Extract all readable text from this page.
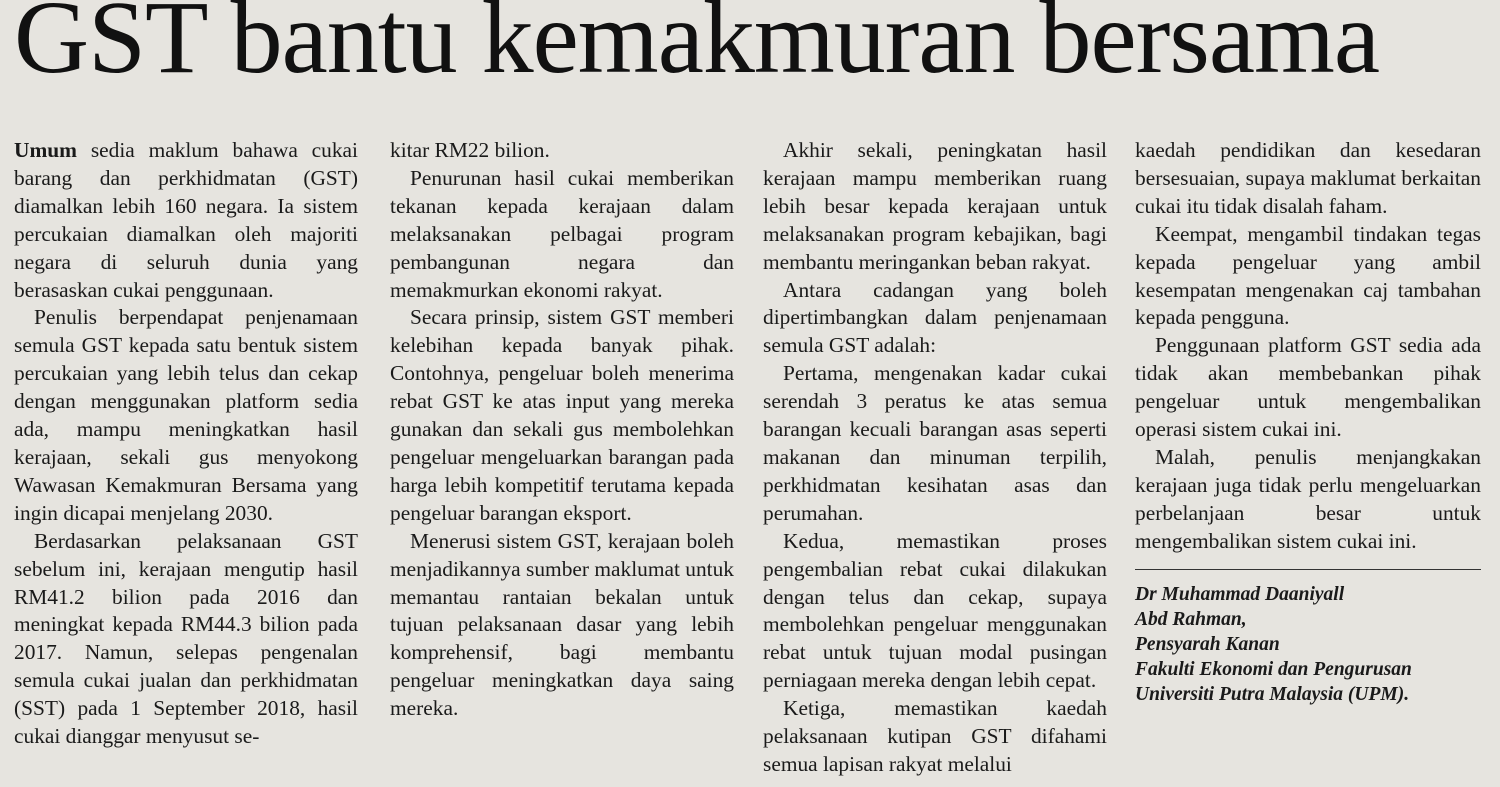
GST bantu kemakmuran bersama

Umum sedia maklum bahawa cukai barang dan perkhidmatan (GST) diamalkan lebih 160 negara. Ia sistem percukaian diamalkan oleh majoriti negara di seluruh dunia yang berasaskan cukai penggunaan.

Penulis berpendapat penjenamaan semula GST kepada satu bentuk sistem percukaian yang lebih telus dan cekap dengan menggunakan platform sedia ada, mampu meningkatkan hasil kerajaan, sekali gus menyokong Wawasan Kemakmuran Bersama yang ingin dicapai menjelang 2030.

Berdasarkan pelaksanaan GST sebelum ini, kerajaan mengutip hasil RM41.2 bilion pada 2016 dan meningkat kepada RM44.3 bilion pada 2017. Namun, selepas pengenalan semula cukai jualan dan perkhidmatan (SST) pada 1 September 2018, hasil cukai dianggar menyusut se-

kitar RM22 bilion.

Penurunan hasil cukai memberikan tekanan kepada kerajaan dalam melaksanakan pelbagai program pembangunan negara dan memakmurkan ekonomi rakyat.

Secara prinsip, sistem GST memberi kelebihan kepada banyak pihak. Contohnya, pengeluar boleh menerima rebat GST ke atas input yang mereka gunakan dan sekali gus membolehkan pengeluar mengeluarkan barangan pada harga lebih kompetitif terutama kepada pengeluar barangan eksport.

Menerusi sistem GST, kerajaan boleh menjadikannya sumber maklumat untuk memantau rantaian bekalan untuk tujuan pelaksanaan dasar yang lebih komprehensif, bagi membantu pengeluar meningkatkan daya saing mereka.

Akhir sekali, peningkatan hasil kerajaan mampu memberikan ruang lebih besar kepada kerajaan untuk melaksanakan program kebajikan, bagi membantu meringankan beban rakyat.

Antara cadangan yang boleh dipertimbangkan dalam penjenamaan semula GST adalah:

Pertama, mengenakan kadar cukai serendah 3 peratus ke atas semua barangan kecuali barangan asas seperti makanan dan minuman terpilih, perkhidmatan kesihatan asas dan perumahan.

Kedua, memastikan proses pengembalian rebat cukai dilakukan dengan telus dan cekap, supaya membolehkan pengeluar menggunakan rebat untuk tujuan modal pusingan perniagaan mereka dengan lebih cepat.

Ketiga, memastikan kaedah pelaksanaan kutipan GST difahami semua lapisan rakyat melalui

kaedah pendidikan dan kesedaran bersesuaian, supaya maklumat berkaitan cukai itu tidak disalah faham.

Keempat, mengambil tindakan tegas kepada pengeluar yang ambil kesempatan mengenakan caj tambahan kepada pengguna.

Penggunaan platform GST sedia ada tidak akan membebankan pihak pengeluar untuk mengembalikan operasi sistem cukai ini.

Malah, penulis menjangkakan kerajaan juga tidak perlu mengeluarkan perbelanjaan besar untuk mengembalikan sistem cukai ini.

Dr Muhammad Daaniyall

Abd Rahman,

Pensyarah Kanan

Fakulti Ekonomi dan Pengurusan

Universiti Putra Malaysia (UPM).
